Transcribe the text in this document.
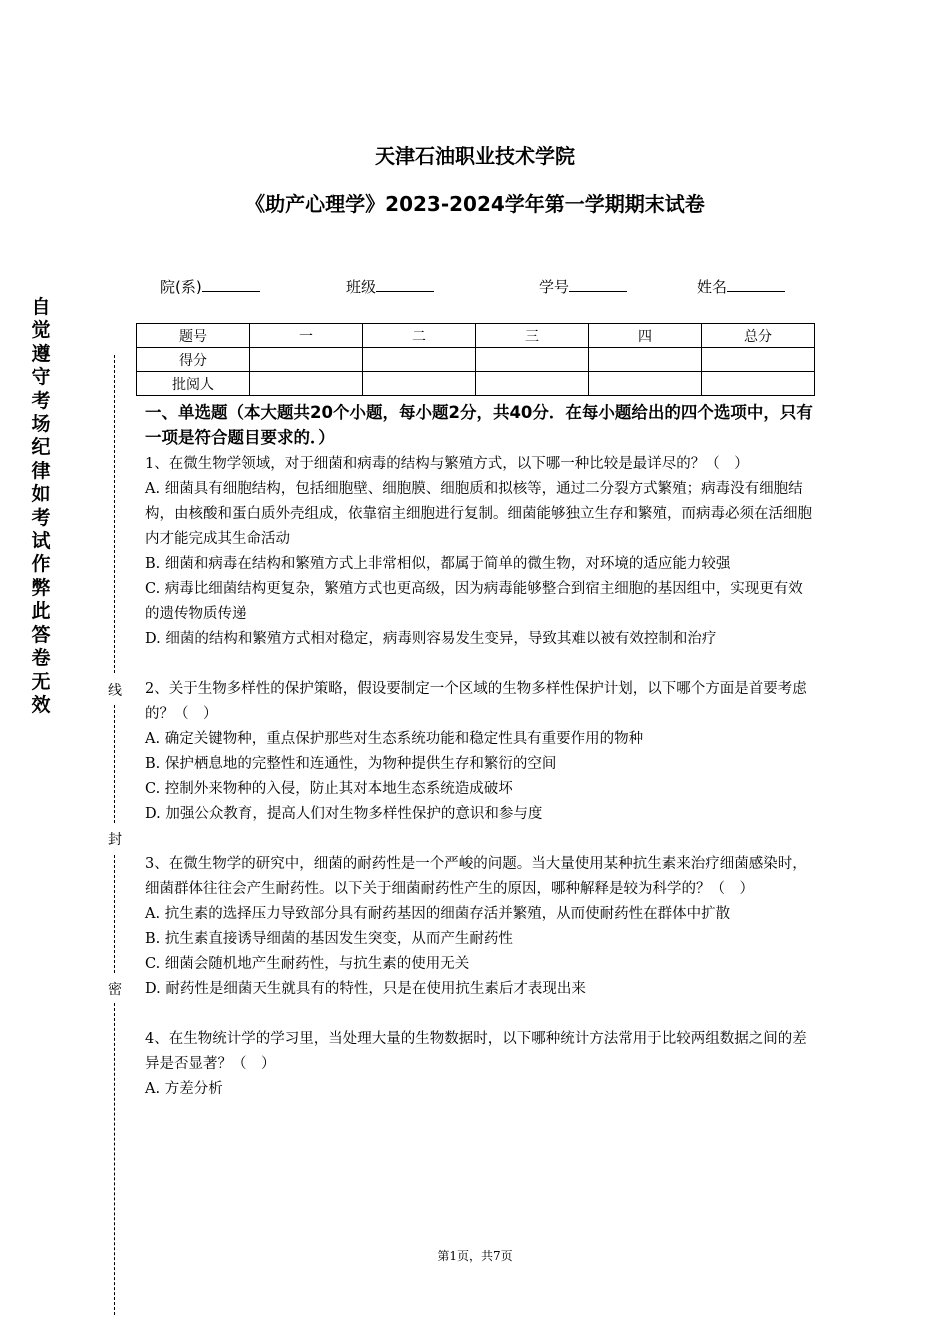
天津石油职业技术学院
《助产心理学》2023-2024学年第一学期期末试卷
院(系)	班级	学号	姓名
题号	一	二	三	四	总分
得分					
批阅人					
自觉遵守考场纪律如考试作弊此答卷无效
线
封
密
一、单选题（本大题共20个小题，每小题2分，共40分．在每小题给出的四个选项中，只有一项是符合题目要求的．）

1、在微生物学领域，对于细菌和病毒的结构与繁殖方式，以下哪一种比较是最详尽的？（　）

A. 细菌具有细胞结构，包括细胞壁、细胞膜、细胞质和拟核等，通过二分裂方式繁殖；病毒没有细胞结构，由核酸和蛋白质外壳组成，依靠宿主细胞进行复制。细菌能够独立生存和繁殖，而病毒必须在活细胞内才能完成其生命活动

B. 细菌和病毒在结构和繁殖方式上非常相似，都属于简单的微生物，对环境的适应能力较强

C. 病毒比细菌结构更复杂，繁殖方式也更高级，因为病毒能够整合到宿主细胞的基因组中，实现更有效的遗传物质传递

D. 细菌的结构和繁殖方式相对稳定，病毒则容易发生变异，导致其难以被有效控制和治疗

2、关于生物多样性的保护策略，假设要制定一个区域的生物多样性保护计划，以下哪个方面是首要考虑的？（　）

A. 确定关键物种，重点保护那些对生态系统功能和稳定性具有重要作用的物种

B. 保护栖息地的完整性和连通性，为物种提供生存和繁衍的空间

C. 控制外来物种的入侵，防止其对本地生态系统造成破坏

D. 加强公众教育，提高人们对生物多样性保护的意识和参与度

3、在微生物学的研究中，细菌的耐药性是一个严峻的问题。当大量使用某种抗生素来治疗细菌感染时，细菌群体往往会产生耐药性。以下关于细菌耐药性产生的原因，哪种解释是较为科学的？（　）

A. 抗生素的选择压力导致部分具有耐药基因的细菌存活并繁殖，从而使耐药性在群体中扩散

B. 抗生素直接诱导细菌的基因发生突变，从而产生耐药性

C. 细菌会随机地产生耐药性，与抗生素的使用无关

D. 耐药性是细菌天生就具有的特性，只是在使用抗生素后才表现出来

4、在生物统计学的学习里，当处理大量的生物数据时，以下哪种统计方法常用于比较两组数据之间的差异是否显著？（　）

A. 方差分析

第1页，共7页
